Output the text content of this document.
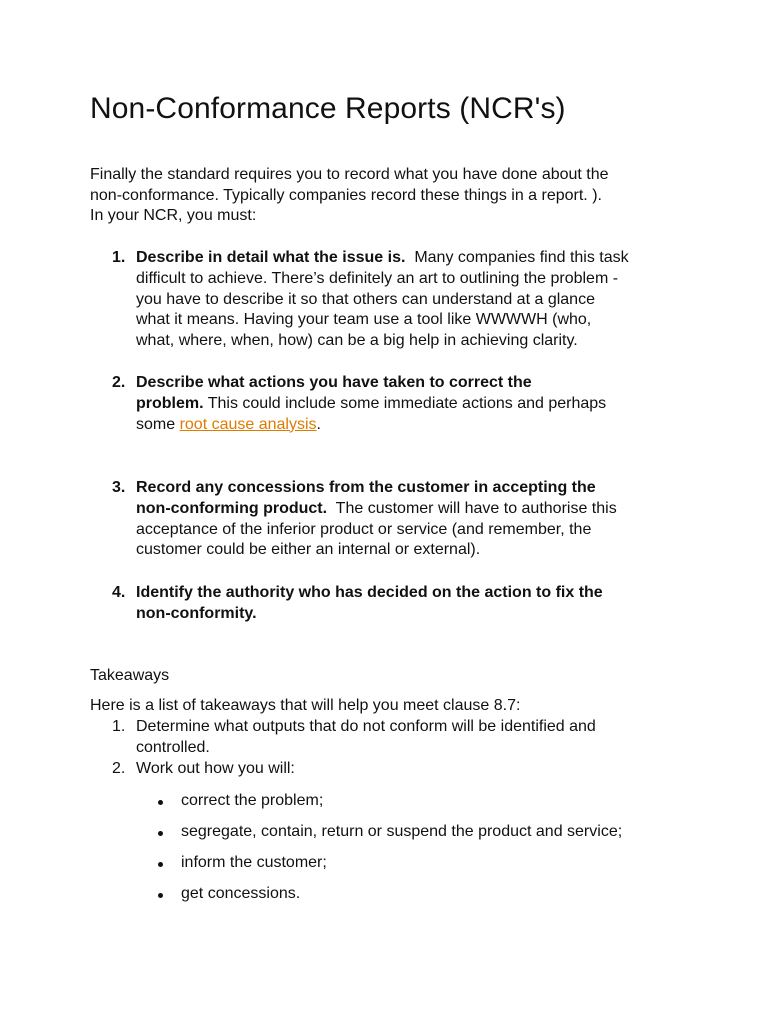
Non-Conformance Reports (NCR's)

Finally the standard requires you to record what you have done about the
non-conformance. Typically companies record these things in a report. ).
In your NCR, you must:

1. Describe in detail what the issue is.  Many companies find this task
difficult to achieve. There’s definitely an art to outlining the problem -
you have to describe it so that others can understand at a glance
what it means. Having your team use a tool like WWWWH (who,
what, where, when, how) can be a big help in achieving clarity.
2. Describe what actions you have taken to correct the
problem. This could include some immediate actions and perhaps
some root cause analysis.
3. Record any concessions from the customer in accepting the
non-conforming product.  The customer will have to authorise this
acceptance of the inferior product or service (and remember, the
customer could be either an internal or external).
4. Identify the authority who has decided on the action to fix the
non-conformity.

Takeaways

Here is a list of takeaways that will help you meet clause 8.7:

1. Determine what outputs that do not conform will be identified and
controlled.
2. Work out how you will:
correct the problem;
segregate, contain, return or suspend the product and service;
inform the customer;
get concessions.
